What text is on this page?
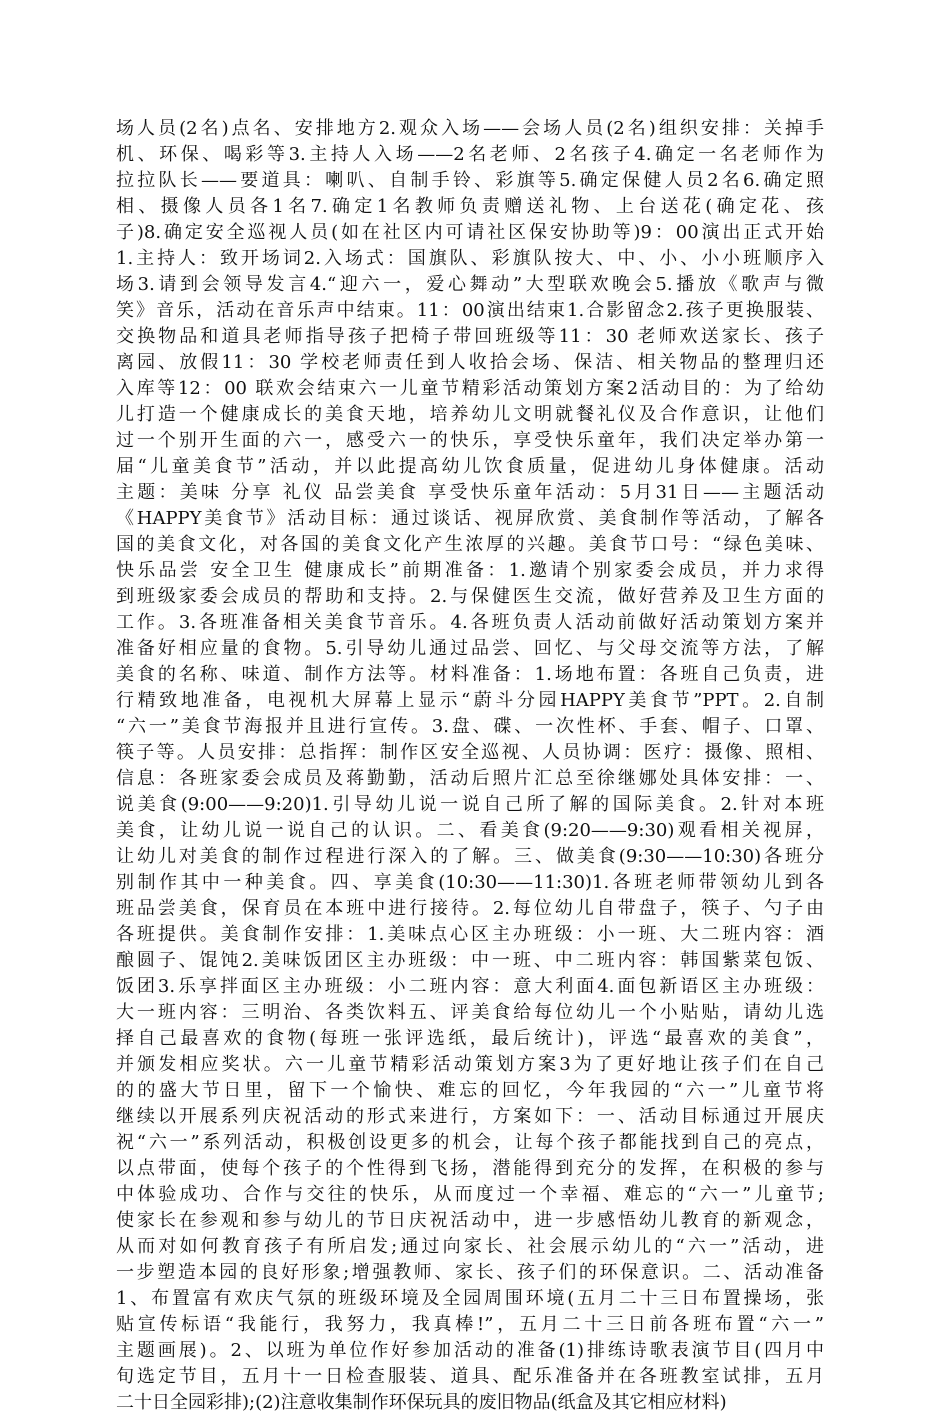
场人员(2名)点名、安排地方2.观众入场——会场人员(2名)组织安排：关掉手
机、环保、喝彩等3.主持人入场——2名老师、2名孩子4.确定一名老师作为
拉拉队长——要道具：喇叭、自制手铃、彩旗等5.确定保健人员2名6.确定照
相、摄像人员各1名7.确定1名教师负责赠送礼物、上台送花(确定花、孩
子)8.确定安全巡视人员(如在社区内可请社区保安协助等)9：00演出正式开始
1.主持人：致开场词2.入场式：国旗队、彩旗队按大、中、小、小小班顺序入
场3.请到会领导发言4.“迎六一，爱心舞动”大型联欢晚会5.播放《歌声与微
笑》音乐，活动在音乐声中结束。11：00演出结束1.合影留念2.孩子更换服装、
交换物品和道具老师指导孩子把椅子带回班级等11：30 老师欢送家长、孩子
离园、放假11：30 学校老师责任到人收拾会场、保洁、相关物品的整理归还
入库等12：00 联欢会结束六一儿童节精彩活动策划方案2活动目的：为了给幼
儿打造一个健康成长的美食天地，培养幼儿文明就餐礼仪及合作意识，让他们
过一个别开生面的六一，感受六一的快乐，享受快乐童年，我们决定举办第一
届“儿童美食节”活动，并以此提高幼儿饮食质量，促进幼儿身体健康。活动
主题：美味 分享 礼仪 品尝美食 享受快乐童年活动：5月31日——主题活动
《HAPPY美食节》活动目标：通过谈话、视屏欣赏、美食制作等活动，了解各
国的美食文化，对各国的美食文化产生浓厚的兴趣。美食节口号：“绿色美味、
快乐品尝 安全卫生 健康成长”前期准备：1.邀请个别家委会成员，并力求得
到班级家委会成员的帮助和支持。2.与保健医生交流，做好营养及卫生方面的
工作。3.各班准备相关美食节音乐。4.各班负责人活动前做好活动策划方案并
准备好相应量的食物。5.引导幼儿通过品尝、回忆、与父母交流等方法，了解
美食的名称、味道、制作方法等。材料准备：1.场地布置：各班自己负责，进
行精致地准备，电视机大屏幕上显示“蔚斗分园HAPPY美食节”PPT。2.自制
“六一”美食节海报并且进行宣传。3.盘、碟、一次性杯、手套、帽子、口罩、
筷子等。人员安排：总指挥：制作区安全巡视、人员协调：医疗：摄像、照相、
信息：各班家委会成员及蒋勤勤，活动后照片汇总至徐继娜处具体安排：一、
说美食(9:00——9:20)1.引导幼儿说一说自己所了解的国际美食。2.针对本班
美食，让幼儿说一说自己的认识。二、看美食(9:20——9:30)观看相关视屏，
让幼儿对美食的制作过程进行深入的了解。三、做美食(9:30——10:30)各班分
别制作其中一种美食。四、享美食(10:30——11:30)1.各班老师带领幼儿到各
班品尝美食，保育员在本班中进行接待。2.每位幼儿自带盘子，筷子、勺子由
各班提供。美食制作安排：1.美味点心区主办班级：小一班、大二班内容：酒
酿圆子、馄饨2.美味饭团区主办班级：中一班、中二班内容：韩国紫菜包饭、
饭团3.乐享拌面区主办班级：小二班内容：意大利面4.面包新语区主办班级：
大一班内容：三明治、各类饮料五、评美食给每位幼儿一个小贴贴，请幼儿选
择自己最喜欢的食物(每班一张评选纸，最后统计)，评选“最喜欢的美食”，
并颁发相应奖状。六一儿童节精彩活动策划方案3为了更好地让孩子们在自己
的的盛大节日里，留下一个愉快、难忘的回忆，今年我园的“六一”儿童节将
继续以开展系列庆祝活动的形式来进行，方案如下：一、活动目标通过开展庆
祝“六一”系列活动，积极创设更多的机会，让每个孩子都能找到自己的亮点，
以点带面，使每个孩子的个性得到飞扬，潜能得到充分的发挥，在积极的参与
中体验成功、合作与交往的快乐，从而度过一个幸福、难忘的“六一”儿童节;
使家长在参观和参与幼儿的节日庆祝活动中，进一步感悟幼儿教育的新观念，
从而对如何教育孩子有所启发;通过向家长、社会展示幼儿的“六一”活动，进
一步塑造本园的良好形象;增强教师、家长、孩子们的环保意识。二、活动准备
1、布置富有欢庆气氛的班级环境及全园周围环境(五月二十三日布置操场，张
贴宣传标语“我能行，我努力，我真棒!”，五月二十三日前各班布置“六一”
主题画展)。2、以班为单位作好参加活动的准备(1)排练诗歌表演节目(四月中
旬选定节目，五月十一日检查服装、道具、配乐准备并在各班教室试排，五月
二十日全园彩排);(2)注意收集制作环保玩具的废旧物品(纸盒及其它相应材料)
